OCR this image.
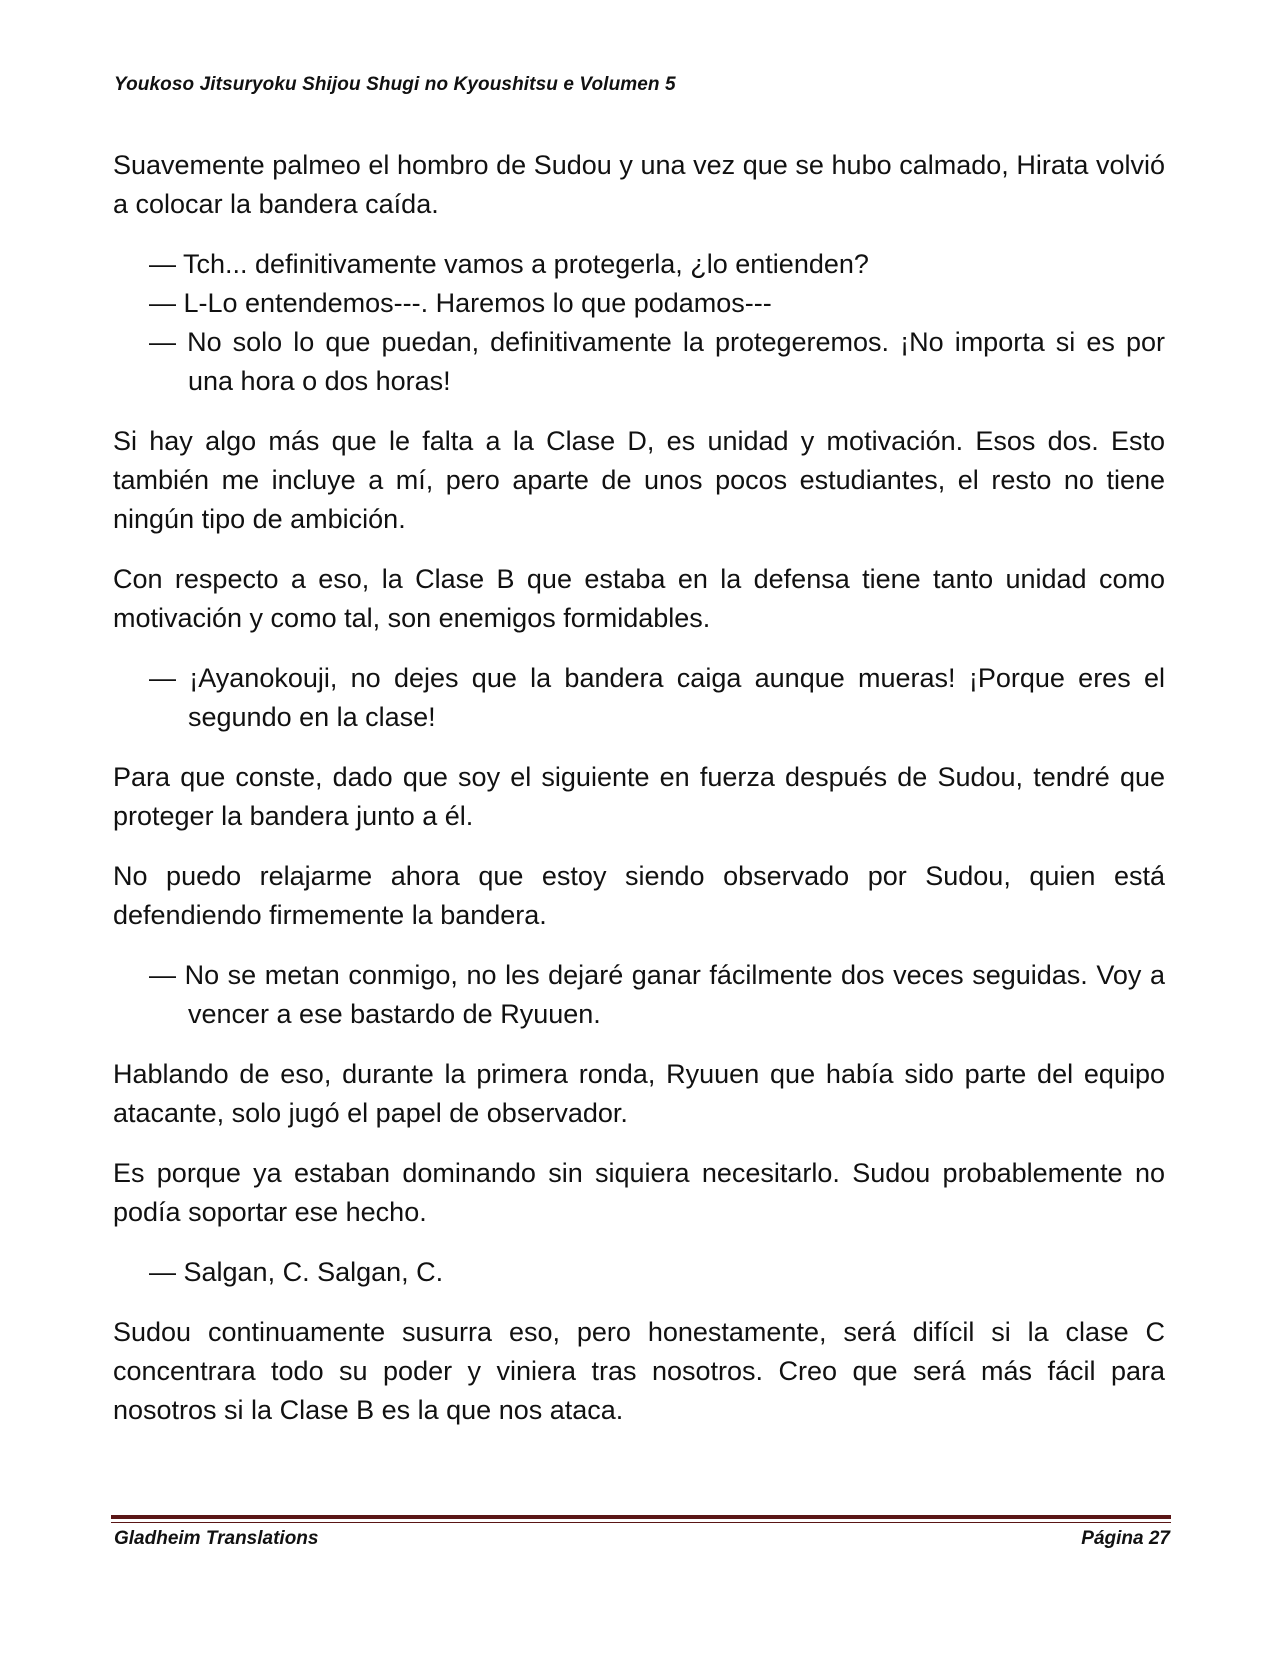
Youkoso Jitsuryoku Shijou Shugi no Kyoushitsu e Volumen 5

Suavemente palmeo el hombro de Sudou y una vez que se hubo calmado, Hirata volvió a colocar la bandera caída.

— Tch... definitivamente vamos a protegerla, ¿lo entienden?

— L-Lo entendemos---. Haremos lo que podamos---

— No solo lo que puedan, definitivamente la protegeremos. ¡No importa si es por una hora o dos horas!

Si hay algo más que le falta a la Clase D, es unidad y motivación. Esos dos. Esto también me incluye a mí, pero aparte de unos pocos estudiantes, el resto no tiene ningún tipo de ambición.

Con respecto a eso, la Clase B que estaba en la defensa tiene tanto unidad como motivación y como tal, son enemigos formidables.

— ¡Ayanokouji, no dejes que la bandera caiga aunque mueras! ¡Porque eres el segundo en la clase!

Para que conste, dado que soy el siguiente en fuerza después de Sudou, tendré que proteger la bandera junto a él.

No puedo relajarme ahora que estoy siendo observado por Sudou, quien está defendiendo firmemente la bandera.

— No se metan conmigo, no les dejaré ganar fácilmente dos veces seguidas. Voy a vencer a ese bastardo de Ryuuen.

Hablando de eso, durante la primera ronda, Ryuuen que había sido parte del equipo atacante, solo jugó el papel de observador.

Es porque ya estaban dominando sin siquiera necesitarlo. Sudou probablemente no podía soportar ese hecho.

— Salgan, C. Salgan, C.

Sudou continuamente susurra eso, pero honestamente, será difícil si la clase C concentrara todo su poder y viniera tras nosotros. Creo que será más fácil para nosotros si la Clase B es la que nos ataca.

Gladheim Translations	Página 27
